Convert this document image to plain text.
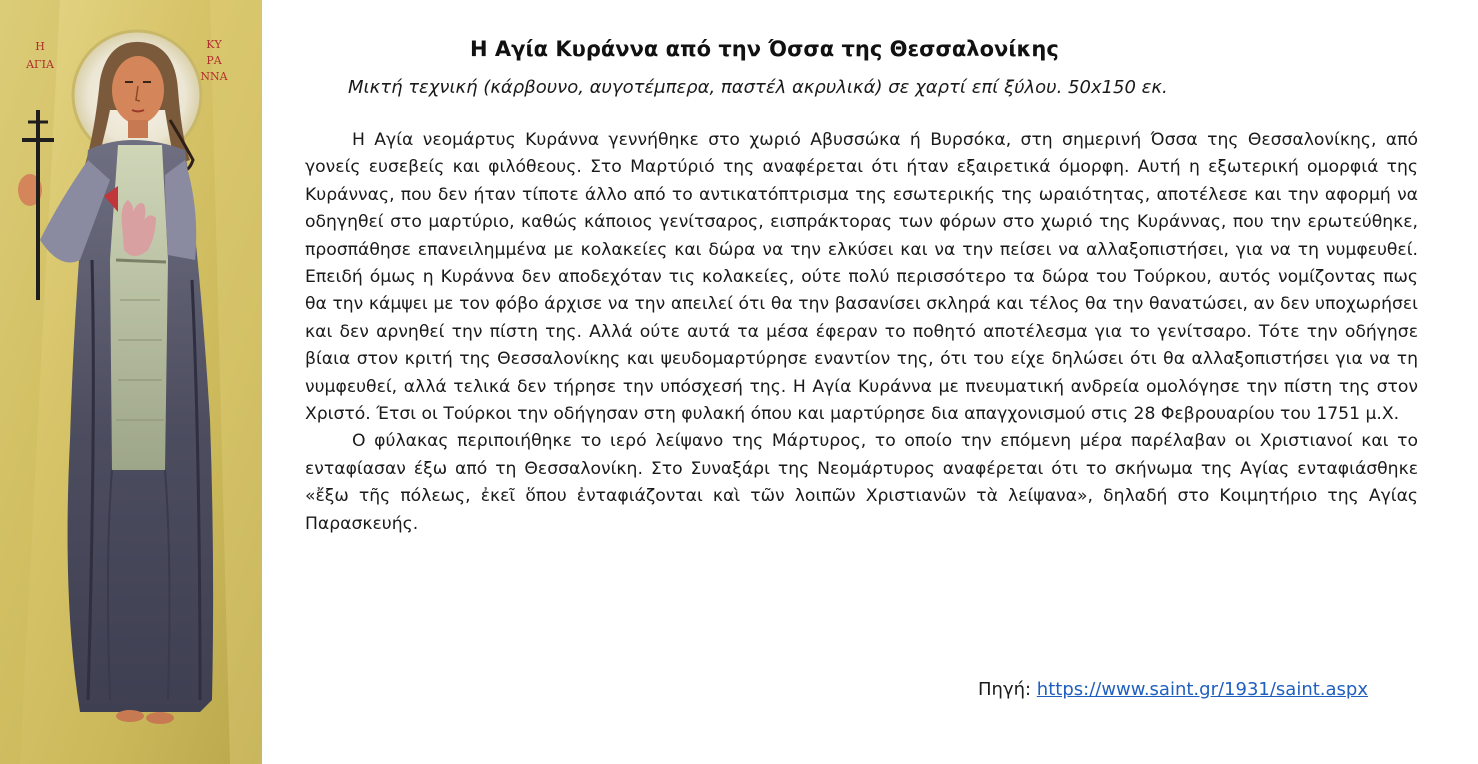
Η
ΑΓΙΑ
ΚΥ
ΡΑ
ΝΝΑ
Η Αγία Κυράννα από την Όσσα της Θεσσαλονίκης
Μικτή τεχνική (κάρβουνο, αυγοτέμπερα, παστέλ ακρυλικά) σε χαρτί επί ξύλου. 50x150 εκ.

Η Αγία νεομάρτυς Κυράννα γεννήθηκε στο χωριό Αβυσσώκα ή Βυρσόκα, στη σημερινή Όσσα της Θεσσαλονίκης, από γονείς ευσεβείς και φιλόθεους. Στο Μαρτύριό της αναφέρεται ότι ήταν εξαιρετικά όμορφη. Αυτή η εξωτερική ομορφιά της Κυράννας, που δεν ήταν τίποτε άλλο από το αντικατόπτρισμα της εσωτερικής της ωραιότητας, αποτέλεσε και την αφορμή να οδηγηθεί στο μαρτύριο, καθώς κάποιος γενίτσαρος, εισπράκτορας των φόρων στο χωριό της Κυράννας, που την ερωτεύθηκε, προσπάθησε επανειλημμένα με κολακείες και δώρα να την ελκύσει και να την πείσει να αλλαξοπιστήσει, για να τη νυμφευθεί. Επειδή όμως η Κυράννα δεν αποδεχόταν τις κολακείες, ούτε πολύ περισσότερο τα δώρα του Τούρκου, αυτός νομίζοντας πως θα την κάμψει με τον φόβο άρχισε να την απειλεί ότι θα την βασανίσει σκληρά και τέλος θα την θανατώσει, αν δεν υποχωρήσει και δεν αρνηθεί την πίστη της. Αλλά ούτε αυτά τα μέσα έφεραν το ποθητό αποτέλεσμα για το γενίτσαρο. Τότε την οδήγησε βίαια στον κριτή της Θεσσαλονίκης και ψευδομαρτύρησε εναντίον της, ότι του είχε δηλώσει ότι θα αλλαξοπιστήσει για να τη νυμφευθεί, αλλά τελικά δεν τήρησε την υπόσχεσή της. Η Αγία Κυράννα με πνευματική ανδρεία ομολόγησε την πίστη της στον Χριστό. Έτσι οι Τούρκοι την οδήγησαν στη φυλακή όπου και μαρτύρησε δια απαγχονισμού στις 28 Φεβρουαρίου του 1751 μ.Χ.

Ο φύλακας περιποιήθηκε το ιερό λείψανο της Μάρτυρος, το οποίο την επόμενη μέρα παρέλαβαν οι Χριστιανοί και το ενταφίασαν έξω από τη Θεσσαλονίκη. Στο Συναξάρι της Νεομάρτυρος αναφέρεται ότι το σκήνωμα της Αγίας ενταφιάσθηκε «ἔξω τῆς πόλεως, ἐκεῖ ὅπου ἐνταφιάζονται καὶ τῶν λοιπῶν Χριστιανῶν τὰ λείψανα», δηλαδή στο Κοιμητήριο της Αγίας Παρασκευής.

Πηγή: https://www.saint.gr/1931/saint.aspx
